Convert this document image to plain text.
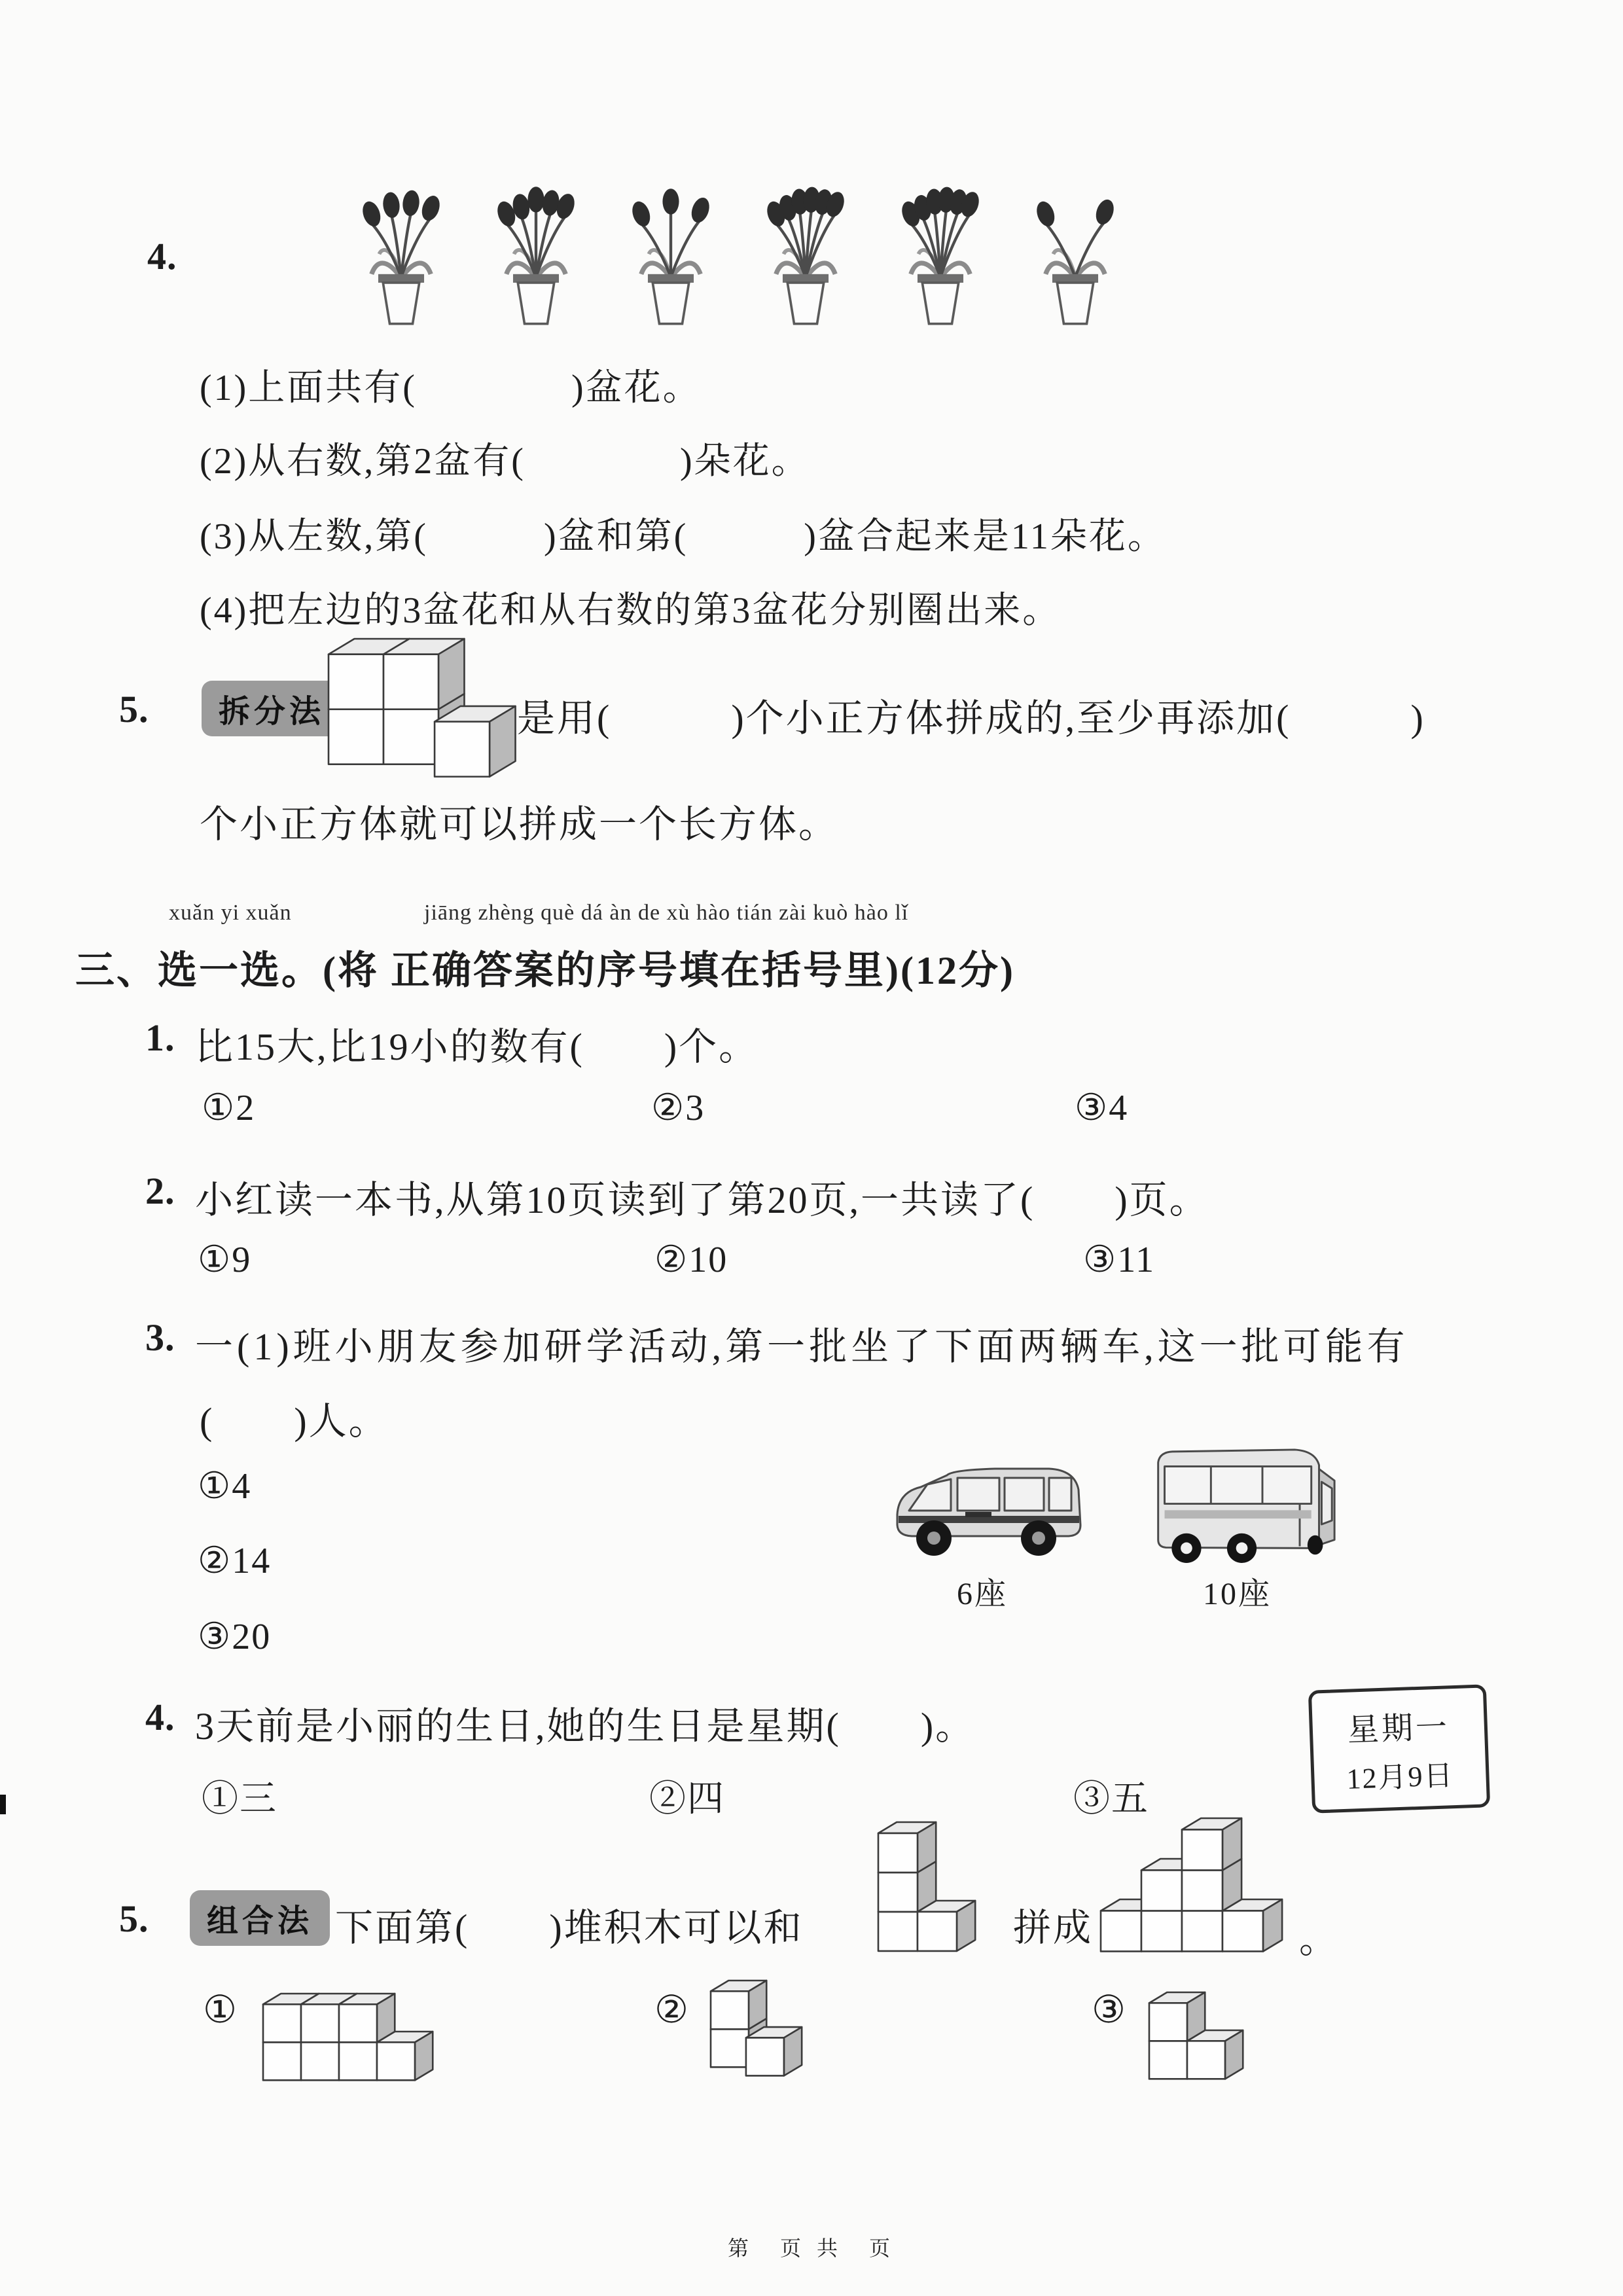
4.
(1)上面共有(　　　　)盆花。
(2)从右数,第2盆有(　　　　)朵花。
(3)从左数,第(　　　)盆和第(　　　)盆合起来是11朵花。
(4)把左边的3盆花和从右数的第3盆花分别圈出来。
5.	拆分法	是用(　　　)个小正方体拼成的,至少再添加(　　　)
个小正方体就可以拼成一个长方体。
xuǎn yi xuǎn	jiāng zhèng què dá àn de xù hào tián zài kuò hào lǐ
三、选一选。(将 正确答案的序号填在括号里)(12分)
1. 比15大,比19小的数有(　　)个。
①2	②3	③4
2. 小红读一本书,从第10页读到了第20页,一共读了(　　)页。
①9	②10	③11
3. 一(1)班小朋友参加研学活动,第一批坐了下面两辆车,这一批可能有
(　　)人。
①4
②14
③20
6座	10座
4. 3天前是小丽的生日,她的生日是星期(　　)。
①三	②四	③五
星期一
12月9日
5.	组合法 下面第(　　)堆积木可以和	拼成	。
①	②	③
第　页 共　页
